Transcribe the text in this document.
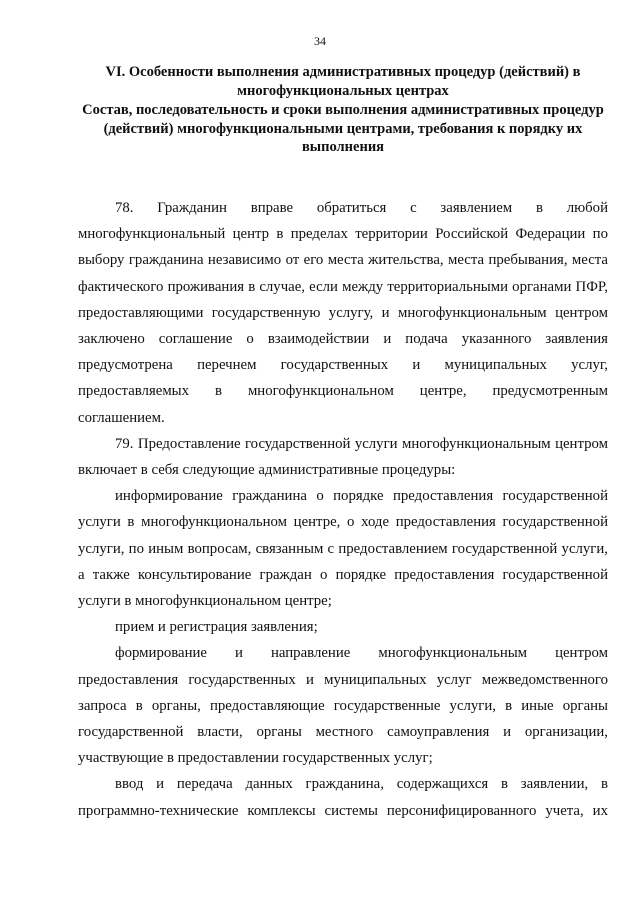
34
VI. Особенности выполнения административных процедур (действий) в многофункциональных центрах
Состав, последовательность и сроки выполнения административных процедур (действий) многофункциональными центрами, требования к порядку их выполнения

78. Гражданин вправе обратиться с заявлением в любой многофункциональный центр в пределах территории Российской Федерации по выбору гражданина независимо от его места жительства, места пребывания, места фактического проживания в случае, если между территориальными органами ПФР, предоставляющими государственную услугу, и многофункциональным центром заключено соглашение о взаимодействии и подача указанного заявления предусмотрена перечнем государственных и муниципальных услуг, предоставляемых в многофункциональном центре, предусмотренным соглашением.

79. Предоставление государственной услуги многофункциональным центром включает в себя следующие административные процедуры:

информирование гражданина о порядке предоставления государственной услуги в многофункциональном центре, о ходе предоставления государственной услуги, по иным вопросам, связанным с предоставлением государственной услуги, а также консультирование граждан о порядке предоставления государственной услуги в многофункциональном центре;

прием и регистрация заявления;

формирование и направление многофункциональным центром предоставления государственных и муниципальных услуг межведомственного запроса в органы, предоставляющие государственные услуги, в иные органы государственной власти, органы местного самоуправления и организации, участвующие в предоставлении государственных услуг;

ввод и передача данных гражданина, содержащихся в заявлении, в программно-технические комплексы системы персонифицированного учета, их
